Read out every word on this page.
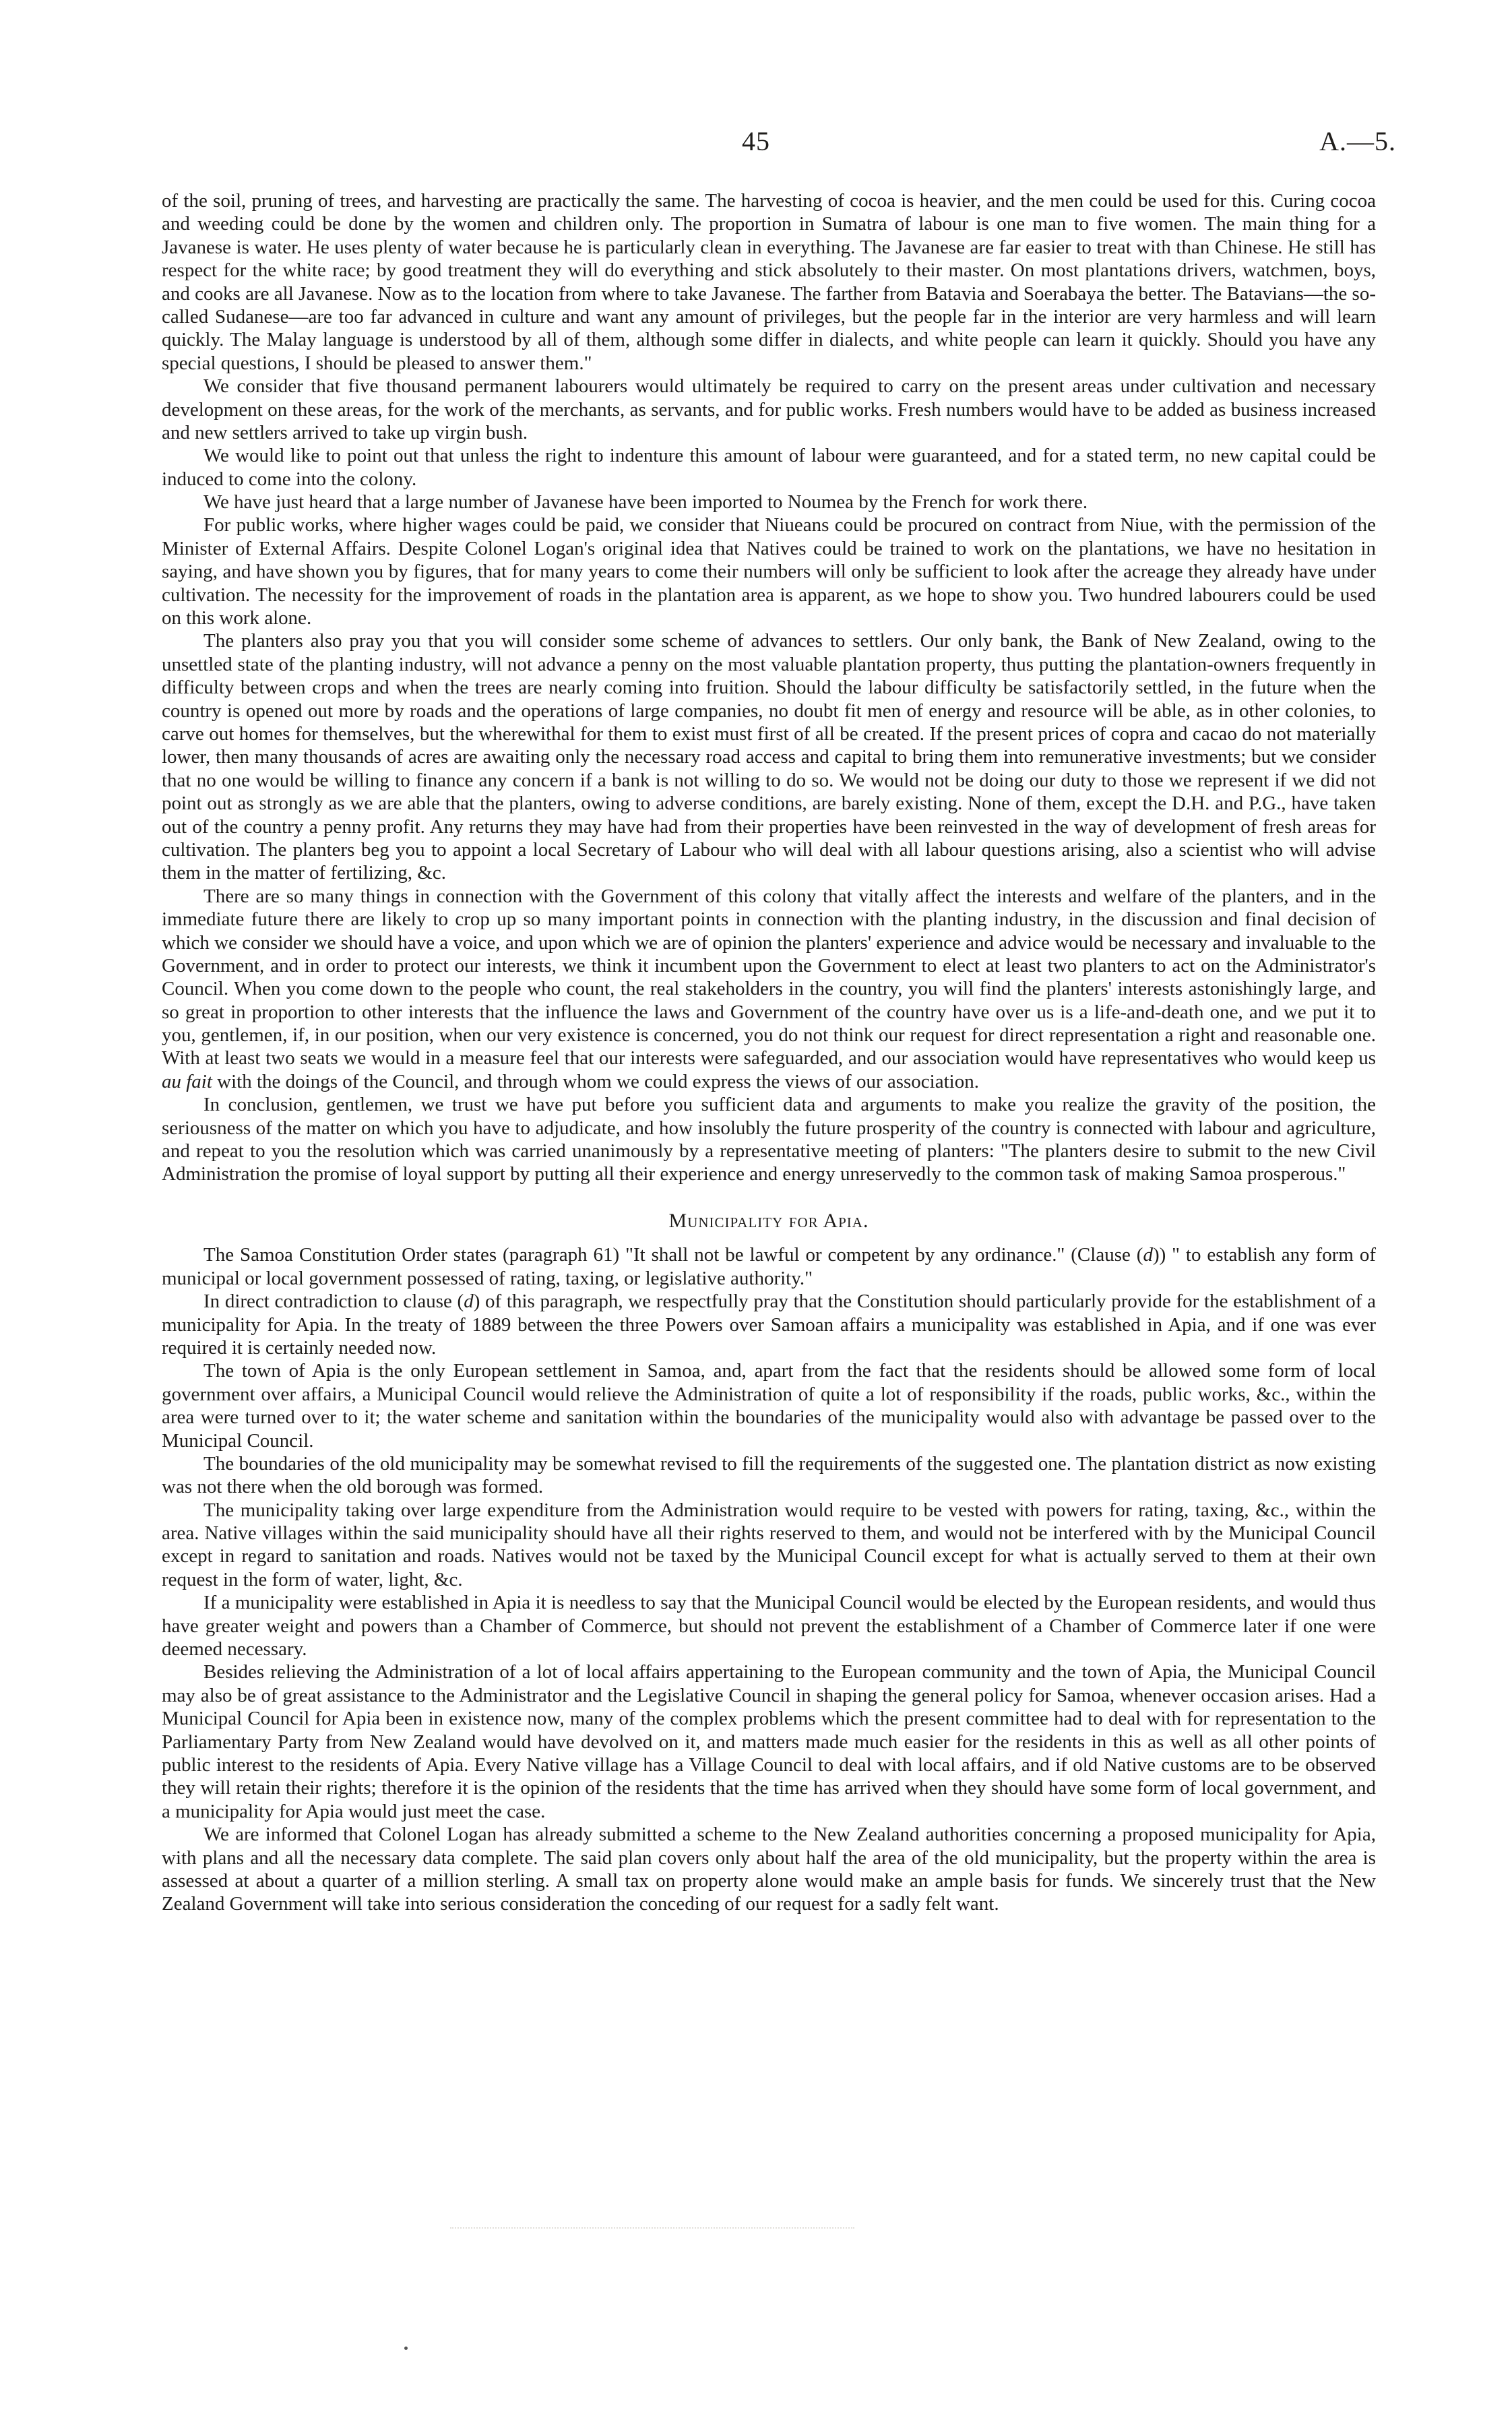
45	A.—5.

of the soil, pruning of trees, and harvesting are practically the same. The harvesting of cocoa is heavier, and the men could be used for this. Curing cocoa and weeding could be done by the women and children only. The proportion in Sumatra of labour is one man to five women. The main thing for a Javanese is water. He uses plenty of water because he is particularly clean in everything. The Javanese are far easier to treat with than Chinese. He still has respect for the white race; by good treatment they will do everything and stick absolutely to their master. On most plantations drivers, watchmen, boys, and cooks are all Javanese. Now as to the location from where to take Javanese. The farther from Batavia and Soerabaya the better. The Batavians—the so-called Sudanese—are too far advanced in culture and want any amount of privileges, but the people far in the interior are very harmless and will learn quickly. The Malay language is understood by all of them, although some differ in dialects, and white people can learn it quickly. Should you have any special questions, I should be pleased to answer them."

We consider that five thousand permanent labourers would ultimately be required to carry on the present areas under cultivation and necessary development on these areas, for the work of the merchants, as servants, and for public works. Fresh numbers would have to be added as business increased and new settlers arrived to take up virgin bush.

We would like to point out that unless the right to indenture this amount of labour were guaranteed, and for a stated term, no new capital could be induced to come into the colony.

We have just heard that a large number of Javanese have been imported to Noumea by the French for work there.

For public works, where higher wages could be paid, we consider that Niueans could be procured on contract from Niue, with the permission of the Minister of External Affairs. Despite Colonel Logan's original idea that Natives could be trained to work on the plantations, we have no hesitation in saying, and have shown you by figures, that for many years to come their numbers will only be sufficient to look after the acreage they already have under cultivation. The necessity for the improvement of roads in the plantation area is apparent, as we hope to show you. Two hundred labourers could be used on this work alone.

The planters also pray you that you will consider some scheme of advances to settlers. Our only bank, the Bank of New Zealand, owing to the unsettled state of the planting industry, will not advance a penny on the most valuable plantation property, thus putting the plantation-owners frequently in difficulty between crops and when the trees are nearly coming into fruition. Should the labour difficulty be satisfactorily settled, in the future when the country is opened out more by roads and the operations of large companies, no doubt fit men of energy and resource will be able, as in other colonies, to carve out homes for themselves, but the wherewithal for them to exist must first of all be created. If the present prices of copra and cacao do not materially lower, then many thousands of acres are awaiting only the necessary road access and capital to bring them into remunerative investments; but we consider that no one would be willing to finance any concern if a bank is not willing to do so. We would not be doing our duty to those we represent if we did not point out as strongly as we are able that the planters, owing to adverse conditions, are barely existing. None of them, except the D.H. and P.G., have taken out of the country a penny profit. Any returns they may have had from their properties have been reinvested in the way of development of fresh areas for cultivation. The planters beg you to appoint a local Secretary of Labour who will deal with all labour questions arising, also a scientist who will advise them in the matter of fertilizing, &c.

There are so many things in connection with the Government of this colony that vitally affect the interests and welfare of the planters, and in the immediate future there are likely to crop up so many important points in connection with the planting industry, in the discussion and final decision of which we consider we should have a voice, and upon which we are of opinion the planters' experience and advice would be necessary and invaluable to the Government, and in order to protect our interests, we think it incumbent upon the Government to elect at least two planters to act on the Administrator's Council. When you come down to the people who count, the real stakeholders in the country, you will find the planters' interests astonishingly large, and so great in proportion to other interests that the influence the laws and Government of the country have over us is a life-and-death one, and we put it to you, gentlemen, if, in our position, when our very existence is concerned, you do not think our request for direct representation a right and reasonable one. With at least two seats we would in a measure feel that our interests were safeguarded, and our association would have representatives who would keep us au fait with the doings of the Council, and through whom we could express the views of our association.

In conclusion, gentlemen, we trust we have put before you sufficient data and arguments to make you realize the gravity of the position, the seriousness of the matter on which you have to adjudicate, and how insolubly the future prosperity of the country is connected with labour and agriculture, and repeat to you the resolution which was carried unanimously by a representative meeting of planters: "The planters desire to submit to the new Civil Administration the promise of loyal support by putting all their experience and energy unreservedly to the common task of making Samoa prosperous."

Municipality for Apia.

The Samoa Constitution Order states (paragraph 61) "It shall not be lawful or competent by any ordinance." (Clause (d)) " to establish any form of municipal or local government possessed of rating, taxing, or legislative authority."

In direct contradiction to clause (d) of this paragraph, we respectfully pray that the Constitution should particularly provide for the establishment of a municipality for Apia. In the treaty of 1889 between the three Powers over Samoan affairs a municipality was established in Apia, and if one was ever required it is certainly needed now.

The town of Apia is the only European settlement in Samoa, and, apart from the fact that the residents should be allowed some form of local government over affairs, a Municipal Council would relieve the Administration of quite a lot of responsibility if the roads, public works, &c., within the area were turned over to it; the water scheme and sanitation within the boundaries of the municipality would also with advantage be passed over to the Municipal Council.

The boundaries of the old municipality may be somewhat revised to fill the requirements of the suggested one. The plantation district as now existing was not there when the old borough was formed.

The municipality taking over large expenditure from the Administration would require to be vested with powers for rating, taxing, &c., within the area. Native villages within the said municipality should have all their rights reserved to them, and would not be interfered with by the Municipal Council except in regard to sanitation and roads. Natives would not be taxed by the Municipal Council except for what is actually served to them at their own request in the form of water, light, &c.

If a municipality were established in Apia it is needless to say that the Municipal Council would be elected by the European residents, and would thus have greater weight and powers than a Chamber of Commerce, but should not prevent the establishment of a Chamber of Commerce later if one were deemed necessary.

Besides relieving the Administration of a lot of local affairs appertaining to the European community and the town of Apia, the Municipal Council may also be of great assistance to the Administrator and the Legislative Council in shaping the general policy for Samoa, whenever occasion arises. Had a Municipal Council for Apia been in existence now, many of the complex problems which the present committee had to deal with for representation to the Parliamentary Party from New Zealand would have devolved on it, and matters made much easier for the residents in this as well as all other points of public interest to the residents of Apia. Every Native village has a Village Council to deal with local affairs, and if old Native customs are to be observed they will retain their rights; therefore it is the opinion of the residents that the time has arrived when they should have some form of local government, and a municipality for Apia would just meet the case.

We are informed that Colonel Logan has already submitted a scheme to the New Zealand authorities concerning a proposed municipality for Apia, with plans and all the necessary data complete. The said plan covers only about half the area of the old municipality, but the property within the area is assessed at about a quarter of a million sterling. A small tax on property alone would make an ample basis for funds. We sincerely trust that the New Zealand Government will take into serious consideration the conceding of our request for a sadly felt want.
